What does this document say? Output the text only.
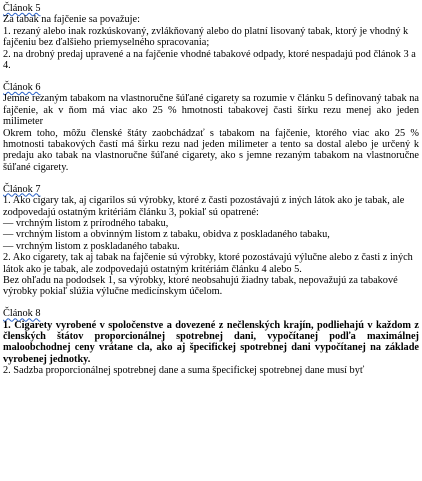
Článok 5
Za tabak na fajčenie sa považuje:
1. rezaný alebo inak rozkúskovaný, zvlákňovaný alebo do platní lisovaný tabak, ktorý je vhodný k fajčeniu bez ďalšieho priemyselného spracovania;
2. na drobný predaj upravené a na fajčenie vhodné tabakové odpady, ktoré nespadajú pod článok 3 a 4.
Článok 6
Jemne rezaným tabakom na vlastnoručne šúľané cigarety sa rozumie v článku 5 definovaný tabak na fajčenie, ak v ňom má viac ako 25 % hmotnosti tabakovej časti šírku rezu menej ako jeden milimeter
Okrem toho, môžu členské štáty zaobchádzať s tabakom na fajčenie, ktorého viac ako 25 % hmotnosti tabakových častí má šírku rezu nad jeden milimeter a tento sa dostal alebo je určený k predaju ako tabak na vlastnoručne šúľané cigarety, ako s jemne rezaným tabakom na vlastnoručne šúľané cigarety.
Článok 7
1. Ako cigary tak, aj cigarilos sú výrobky, ktoré z časti pozostávajú z iných látok ako je tabak, ale zodpovedajú ostatným kritériám článku 3, pokiaľ sú opatrené:
— vrchným listom z prírodného tabaku,
— vrchným listom a obvinným listom z tabaku, obidva z poskladaného tabaku,
— vrchným listom z poskladaného tabaku.
2. Ako cigarety, tak aj tabak na fajčenie sú výrobky, ktoré pozostávajú výlučne alebo z časti z iných látok ako je tabak, ale zodpovedajú ostatným kritériám článku 4 alebo 5.
Bez ohľadu na pododsek 1, sa výrobky, ktoré neobsahujú žiadny tabak, nepovažujú za tabakové výrobky pokiaľ slúžia výlučne medicínskym účelom.
Článok 8
1. Cigarety vyrobené v spoločenstve a dovezené z nečlenských krajín, podliehajú v každom z členských štátov proporcionálnej spotrebnej dani, vypočítanej podľa maximálnej maloobchodnej ceny vrátane cla, ako aj špecifickej spotrebnej dani vypočítanej na základe vyrobenej jednotky.
2. Sadzba proporcionálnej spotrebnej dane a suma špecifickej spotrebnej dane musí byť
